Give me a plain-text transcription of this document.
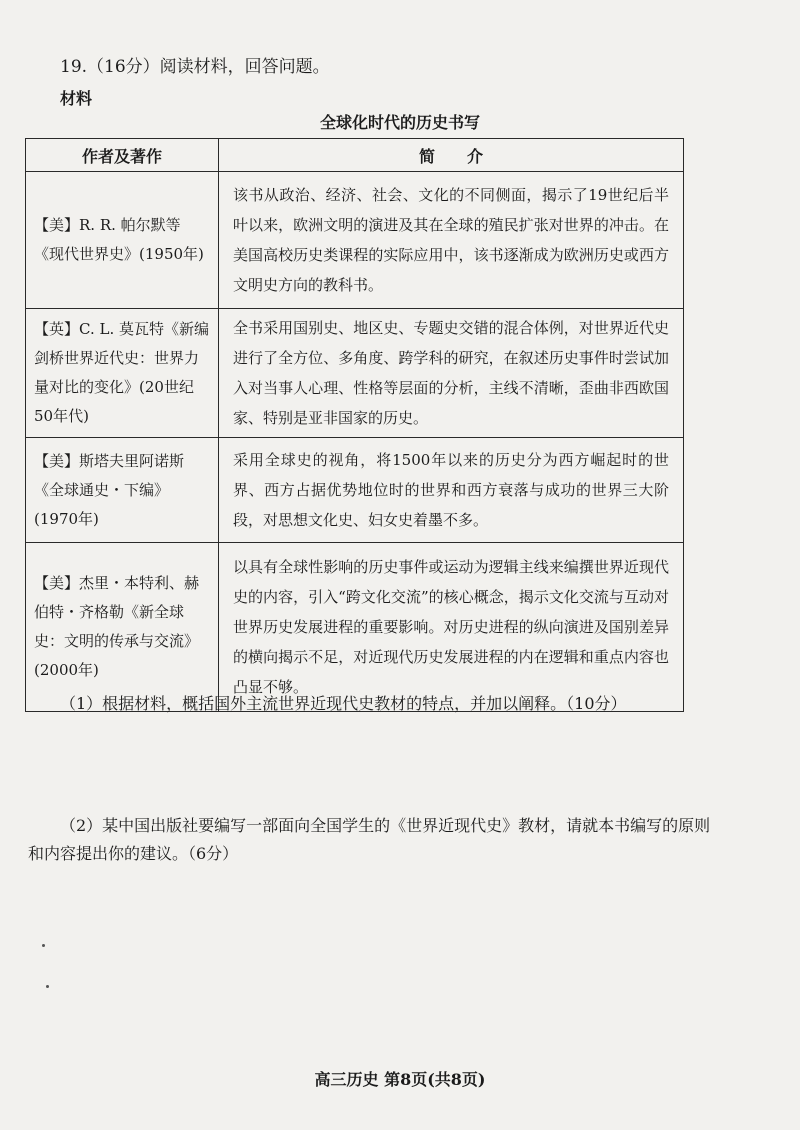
19.（16分）阅读材料，回答问题。
材料
全球化时代的历史书写
作者及著作	简　　介
【美】R. R. 帕尔默等《现代世界史》(1950年)	该书从政治、经济、社会、文化的不同侧面，揭示了19世纪后半叶以来，欧洲文明的演进及其在全球的殖民扩张对世界的冲击。在美国高校历史类课程的实际应用中，该书逐渐成为欧洲历史或西方文明史方向的教科书。
【英】C. L. 莫瓦特《新编剑桥世界近代史：世界力量对比的变化》(20世纪50年代)	全书采用国别史、地区史、专题史交错的混合体例，对世界近代史进行了全方位、多角度、跨学科的研究，在叙述历史事件时尝试加入对当事人心理、性格等层面的分析，主线不清晰，歪曲非西欧国家、特别是亚非国家的历史。
【美】斯塔夫里阿诺斯《全球通史・下编》(1970年)	采用全球史的视角，将1500年以来的历史分为西方崛起时的世界、西方占据优势地位时的世界和西方衰落与成功的世界三大阶段，对思想文化史、妇女史着墨不多。
【美】杰里・本特利、赫伯特・齐格勒《新全球史：文明的传承与交流》(2000年)	以具有全球性影响的历史事件或运动为逻辑主线来编撰世界近现代史的内容，引入“跨文化交流”的核心概念，揭示文化交流与互动对世界历史发展进程的重要影响。对历史进程的纵向演进及国别差异的横向揭示不足，对近现代历史发展进程的内在逻辑和重点内容也凸显不够。
（1）根据材料，概括国外主流世界近现代史教材的特点，并加以阐释。（10分）
（2）某中国出版社要编写一部面向全国学生的《世界近现代史》教材，请就本书编写的原则和内容提出你的建议。（6分）
高三历史 第8页(共8页)
